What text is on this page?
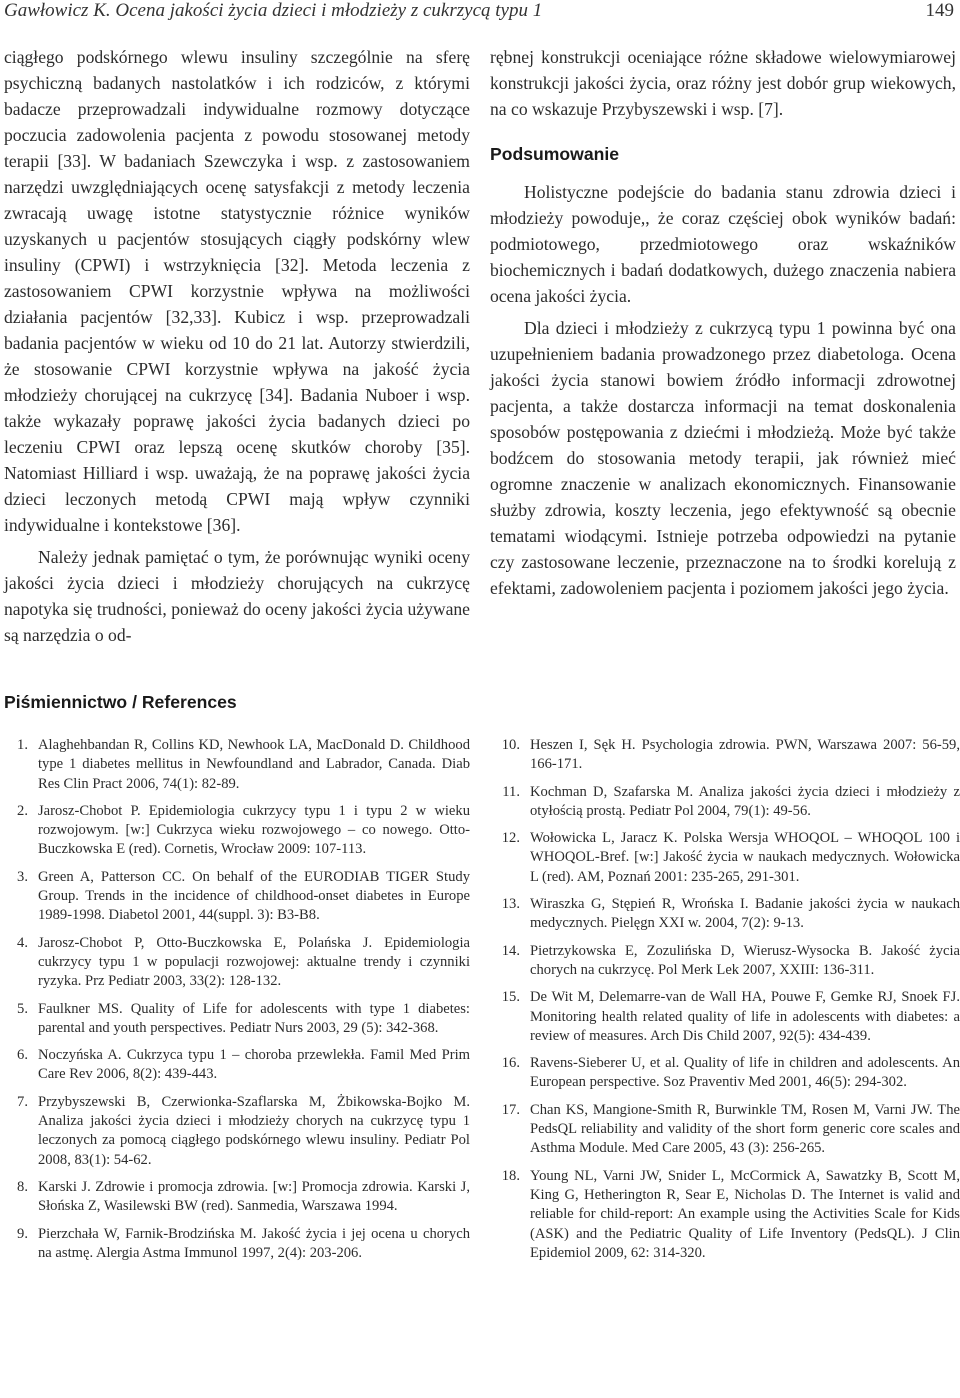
Gawłowicz K. Ocena jakości życia dzieci i młodzieży z cukrzycą typu 1	149

ciągłego podskórnego wlewu insuliny szczególnie na sferę psychiczną badanych nastolatków i ich rodziców, z którymi badacze przeprowadzali indywidualne rozmowy dotyczące poczucia zadowolenia pacjenta z powodu stosowanej metody terapii [33]. W badaniach Szewczyka i wsp. z zastosowaniem narzędzi uwzględniających ocenę satysfakcji z metody leczenia zwracają uwagę istotne statystycznie różnice wyników uzyskanych u pacjentów stosujących ciągły podskórny wlew insuliny (CPWI) i wstrzyknięcia [32]. Metoda leczenia z zastosowaniem CPWI korzystnie wpływa na możliwości działania pacjentów [32,33]. Kubicz i wsp. przeprowadzali badania pacjentów w wieku od 10 do 21 lat. Autorzy stwierdzili, że stosowanie CPWI korzystnie wpływa na jakość życia młodzieży chorującej na cukrzycę [34]. Badania Nuboer i wsp. także wykazały poprawę jakości życia badanych dzieci po leczeniu CPWI oraz lepszą ocenę skutków choroby [35]. Natomiast Hilliard i wsp. uważają, że na poprawę jakości życia dzieci leczonych metodą CPWI mają wpływ czynniki indywidualne i kontekstowe [36].

Należy jednak pamiętać o tym, że porównując wyniki oceny jakości życia dzieci i młodzieży chorujących na cukrzycę napotyka się trudności, ponieważ do oceny jakości życia używane są narzędzia o od-

rębnej konstrukcji oceniające różne składowe wielowymiarowej konstrukcji jakości życia, oraz różny jest dobór grup wiekowych, na co wskazuje Przybyszewski i wsp. [7].

Podsumowanie

Holistyczne podejście do badania stanu zdrowia dzieci i młodzieży powoduje,, że coraz częściej obok wyników badań: podmiotowego, przedmiotowego oraz wskaźników biochemicznych i badań dodatkowych, dużego znaczenia nabiera ocena jakości życia.

Dla dzieci i młodzieży z cukrzycą typu 1 powinna być ona uzupełnieniem badania prowadzonego przez diabetologa. Ocena jakości życia stanowi bowiem źródło informacji zdrowotnej pacjenta, a także dostarcza informacji na temat doskonalenia sposobów postępowania z dziećmi i młodzieżą. Może być także bodźcem do stosowania metody terapii, jak również mieć ogromne znaczenie w analizach ekonomicznych. Finansowanie służby zdrowia, koszty leczenia, jego efektywność są obecnie tematami wiodącymi. Istnieje potrzeba odpowiedzi na pytanie czy zastosowane leczenie, przeznaczone na to środki korelują z efektami, zadowoleniem pacjenta i poziomem jakości jego życia.

Piśmiennictwo / References
1. Alaghehbandan R, Collins KD, Newhook LA, MacDonald D. Childhood type 1 diabetes mellitus in Newfoundland and Labrador, Canada. Diab Res Clin Pract 2006, 74(1): 82-89.
2. Jarosz-Chobot P. Epidemiologia cukrzycy typu 1 i typu 2 w wieku rozwojowym. [w:] Cukrzyca wieku rozwojowego – co nowego. Otto-Buczkowska E (red). Cornetis, Wrocław 2009: 107-113.
3. Green A, Patterson CC. On behalf of the EURODIAB TIGER Study Group. Trends in the incidence of childhood-onset diabetes in Europe 1989-1998. Diabetol 2001, 44(suppl. 3): B3-B8.
4. Jarosz-Chobot P, Otto-Buczkowska E, Polańska J. Epidemiologia cukrzycy typu 1 w populacji rozwojowej: aktualne trendy i czynniki ryzyka. Prz Pediatr 2003, 33(2): 128-132.
5. Faulkner MS. Quality of Life for adolescents with type 1 diabetes: parental and youth perspectives. Pediatr Nurs 2003, 29 (5): 342-368.
6. Noczyńska A. Cukrzyca typu 1 – choroba przewlekła. Famil Med Prim Care Rev 2006, 8(2): 439-443.
7. Przybyszewski B, Czerwionka-Szaflarska M, Żbikowska-Bojko M. Analiza jakości życia dzieci i młodzieży chorych na cukrzycę typu 1 leczonych za pomocą ciągłego podskórnego wlewu insuliny. Pediatr Pol 2008, 83(1): 54-62.
8. Karski J. Zdrowie i promocja zdrowia. [w:] Promocja zdrowia. Karski J, Słońska Z, Wasilewski BW (red). Sanmedia, Warszawa 1994.
9. Pierzchała W, Farnik-Brodzińska M. Jakość życia i jej ocena u chorych na astmę. Alergia Astma Immunol 1997, 2(4): 203-206.
10. Heszen I, Sęk H. Psychologia zdrowia. PWN, Warszawa 2007: 56-59, 166-171.
11. Kochman D, Szafarska M. Analiza jakości życia dzieci i młodzieży z otyłością prostą. Pediatr Pol 2004, 79(1): 49-56.
12. Wołowicka L, Jaracz K. Polska Wersja WHOQOL – WHOQOL 100 i WHOQOL-Bref. [w:] Jakość życia w naukach medycznych. Wołowicka L (red). AM, Poznań 2001: 235-265, 291-301.
13. Wiraszka G, Stępień R, Wrońska I. Badanie jakości życia w naukach medycznych. Pielęgn XXI w. 2004, 7(2): 9-13.
14. Pietrzykowska E, Zozulińska D, Wierusz-Wysocka B. Jakość życia chorych na cukrzycę. Pol Merk Lek 2007, XXIII: 136-311.
15. De Wit M, Delemarre-van de Wall HA, Pouwe F, Gemke RJ, Snoek FJ. Monitoring health related quality of life in adolescents with diabetes: a review of measures. Arch Dis Child 2007, 92(5): 434-439.
16. Ravens-Sieberer U, et al. Quality of life in children and adolescents. An European perspective. Soz Praventiv Med 2001, 46(5): 294-302.
17. Chan KS, Mangione-Smith R, Burwinkle TM, Rosen M, Varni JW. The PedsQL reliability and validity of the short form generic core scales and Asthma Module. Med Care 2005, 43 (3): 256-265.
18. Young NL, Varni JW, Snider L, McCormick A, Sawatzky B, Scott M, King G, Hetherington R, Sear E, Nicholas D. The Internet is valid and reliable for child-report: An example using the Activities Scale for Kids (ASK) and the Pediatric Quality of Life Inventory (PedsQL). J Clin Epidemiol 2009, 62: 314-320.
